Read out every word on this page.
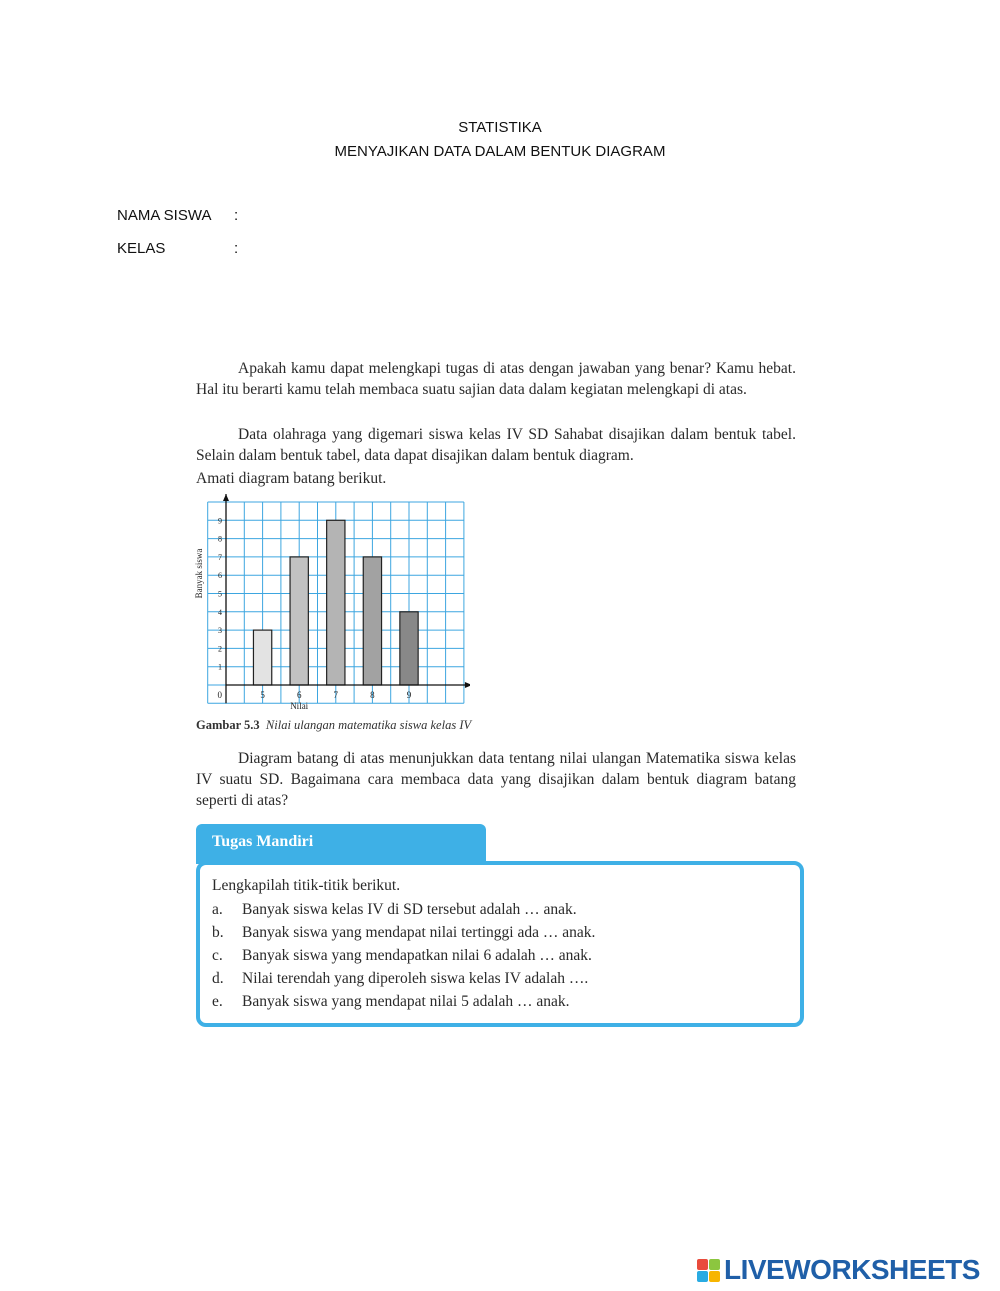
STATISTIKA
MENYAJIKAN DATA DALAM BENTUK DIAGRAM
NAMA SISWA :
KELAS	:
Apakah kamu dapat melengkapi tugas di atas dengan jawaban yang benar? Kamu hebat. Hal itu berarti kamu telah membaca suatu sajian data dalam kegiatan melengkapi di atas.
Data olahraga yang digemari siswa kelas IV SD Sahabat disajikan dalam bentuk tabel. Selain dalam bentuk tabel, data dapat disajikan dalam bentuk diagram.
Amati diagram batang berikut.
5	6	7	8	9
1
2
3
4
5
6
7
8
9
0
Nilai
Banyak siswa
Gambar 5.3 Nilai ulangan matematika siswa kelas IV
Diagram batang di atas menunjukkan data tentang nilai ulangan Matematika siswa kelas IV suatu SD. Bagaimana cara membaca data yang disajikan dalam bentuk diagram batang seperti di atas?
Tugas Mandiri
Lengkapilah titik-titik berikut.
a. Banyak siswa kelas IV di SD tersebut adalah … anak.
b. Banyak siswa yang mendapat nilai tertinggi ada … anak.
c. Banyak siswa yang mendapatkan nilai 6 adalah … anak.
d. Nilai terendah yang diperoleh siswa kelas IV adalah ….
e. Banyak siswa yang mendapat nilai 5 adalah … anak.
LIVEWORKSHEETS
